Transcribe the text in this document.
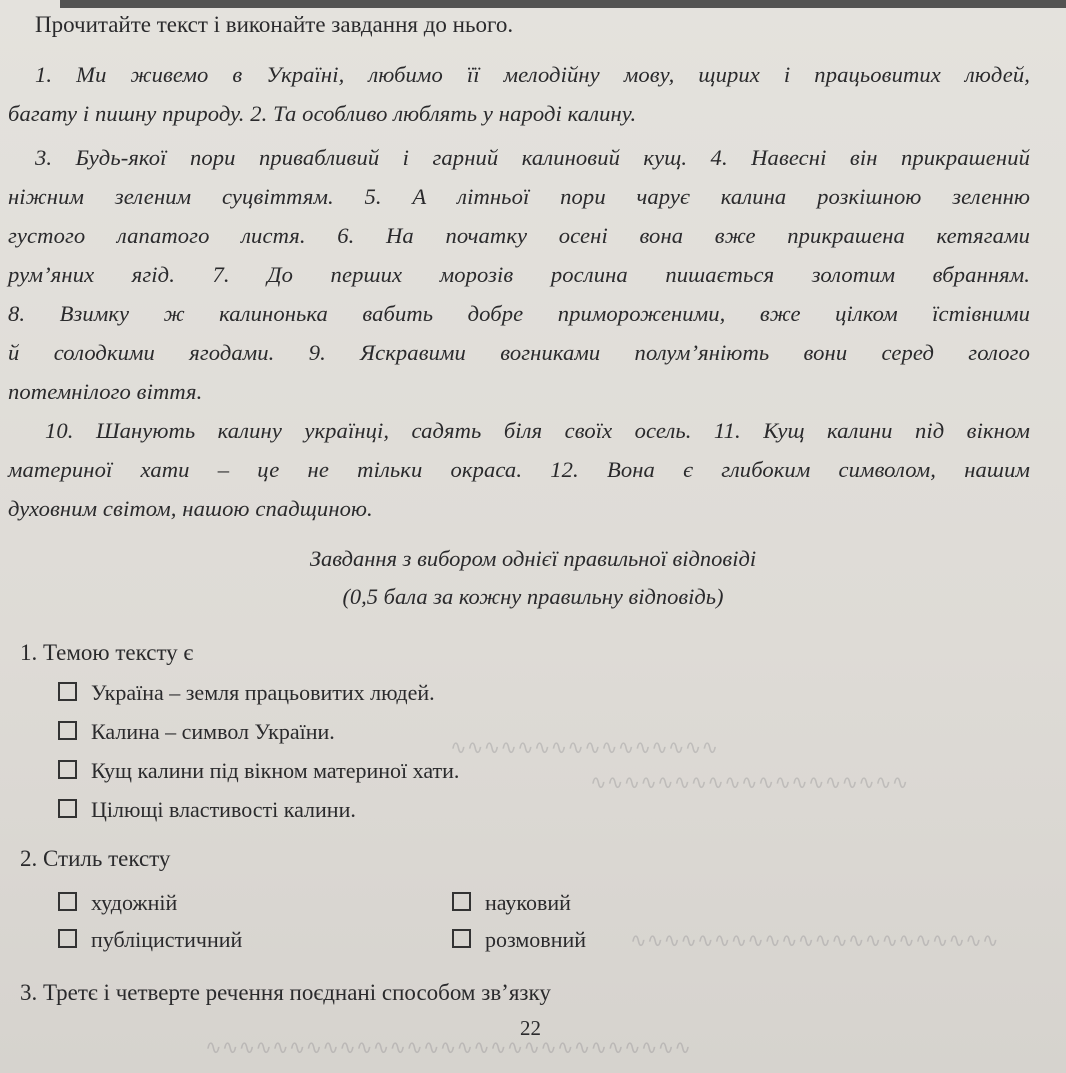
∿∿∿∿∿∿∿∿∿∿∿∿∿∿∿∿
∿∿∿∿∿∿∿∿∿∿∿∿∿∿∿∿∿∿∿
∿∿∿∿∿∿∿∿∿∿∿∿∿∿∿∿∿∿∿∿∿∿
∿∿∿∿∿∿∿∿∿∿∿∿∿∿∿∿∿∿∿∿∿∿∿∿∿∿∿∿∿
Прочитайте текст і виконайте завдання до нього.
1. Ми живемо в Україні, любимо її мелодійну мову, щирих і працьовитих людей,
багату і пишну природу. 2. Та особливо люблять у народі калину.
3. Будь-якої пори привабливий і гарний калиновий кущ. 4. Навесні він прикрашений
ніжним зеленим суцвіттям. 5. А літньої пори чарує калина розкішною зеленню
густого лапатого листя. 6. На початку осені вона вже прикрашена кетягами
рум’яних ягід. 7. До перших морозів рослина пишається золотим вбранням.
8. Взимку ж калинонька вабить добре примороженими, вже цілком їстівними
й солодкими ягодами. 9. Яскравими вогниками полум’яніють вони серед голого
потемнілого віття.
10. Шанують калину українці, садять біля своїх осель. 11. Кущ калини під вікном
материної хати – це не тільки окраса. 12. Вона є глибоким символом, нашим
духовним світом, нашою спадщиною.
Завдання з вибором однієї правильної відповіді
(0,5 бала за кожну правильну відповідь)
1. Темою тексту є
Україна – земля працьовитих людей.
Калина – символ України.
Кущ калини під вікном материної хати.
Цілющі властивості калини.
2. Стиль тексту
художній	науковий
публіцистичний	розмовний
3. Третє і четверте речення поєднані способом зв’язку
22
